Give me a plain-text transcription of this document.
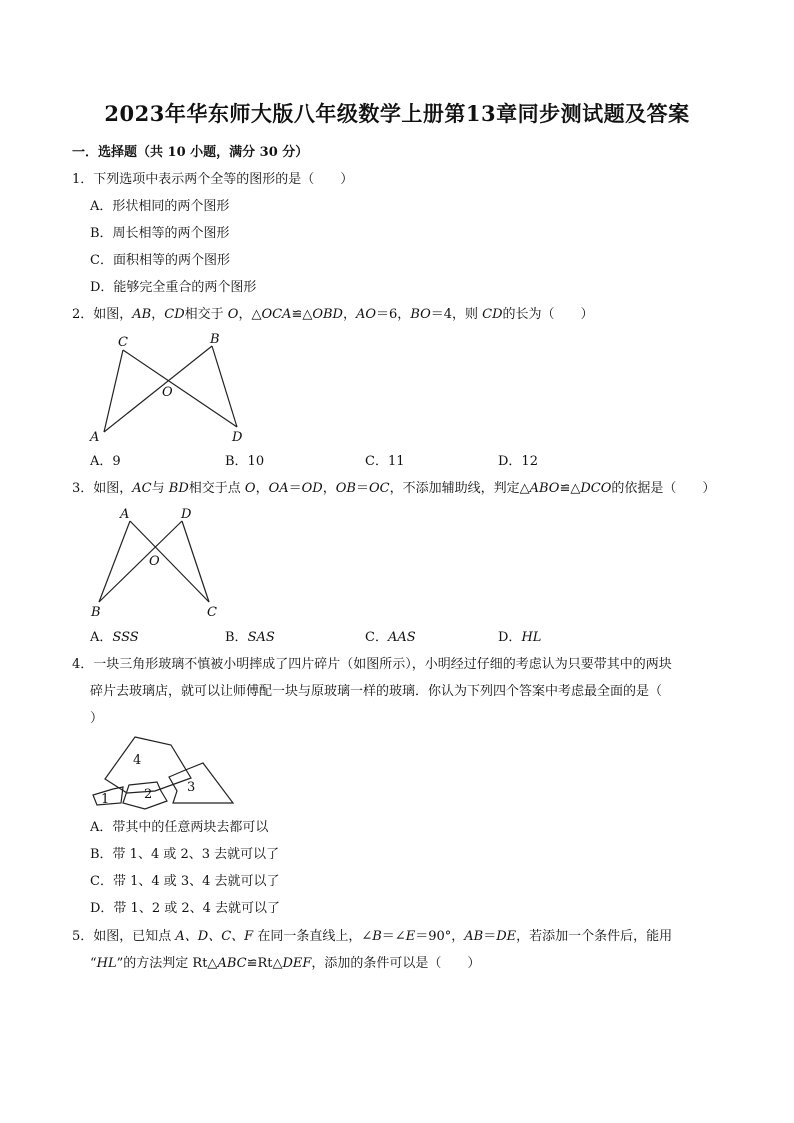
2023年华东师大版八年级数学上册第13章同步测试题及答案
一．选择题（共 10 小题，满分 30 分）
1．下列选项中表示两个全等的图形的是（　　）
A．形状相同的两个图形
B．周长相等的两个图形
C．面积相等的两个图形
D．能够完全重合的两个图形
2．如图，AB，CD相交于 O，△OCA≌△OBD，AO＝6，BO＝4，则 CD的长为（　　）
C	B
O
A	D
A．9	B．10	C．11	D．12
3．如图，AC与 BD相交于点 O，OA＝OD，OB＝OC，不添加辅助线，判定△ABO≌△DCO的依据是（　　）
A	D
O
B	C
A．SSS	B．SAS	C．AAS	D．HL
4．一块三角形玻璃不慎被小明摔成了四片碎片（如图所示），小明经过仔细的考虑认为只要带其中的两块
碎片去玻璃店，就可以让师傅配一块与原玻璃一样的玻璃．你认为下列四个答案中考虑最全面的是（
）
1	2	3
4
A．带其中的任意两块去都可以
B．带 1、4 或 2、3 去就可以了
C．带 1、4 或 3、4 去就可以了
D．带 1、2 或 2、4 去就可以了
5．如图，已知点 A、D、C、F 在同一条直线上，∠B＝∠E＝90°，AB＝DE，若添加一个条件后，能用
“HL”的方法判定 Rt△ABC≌Rt△DEF，添加的条件可以是（　　）
